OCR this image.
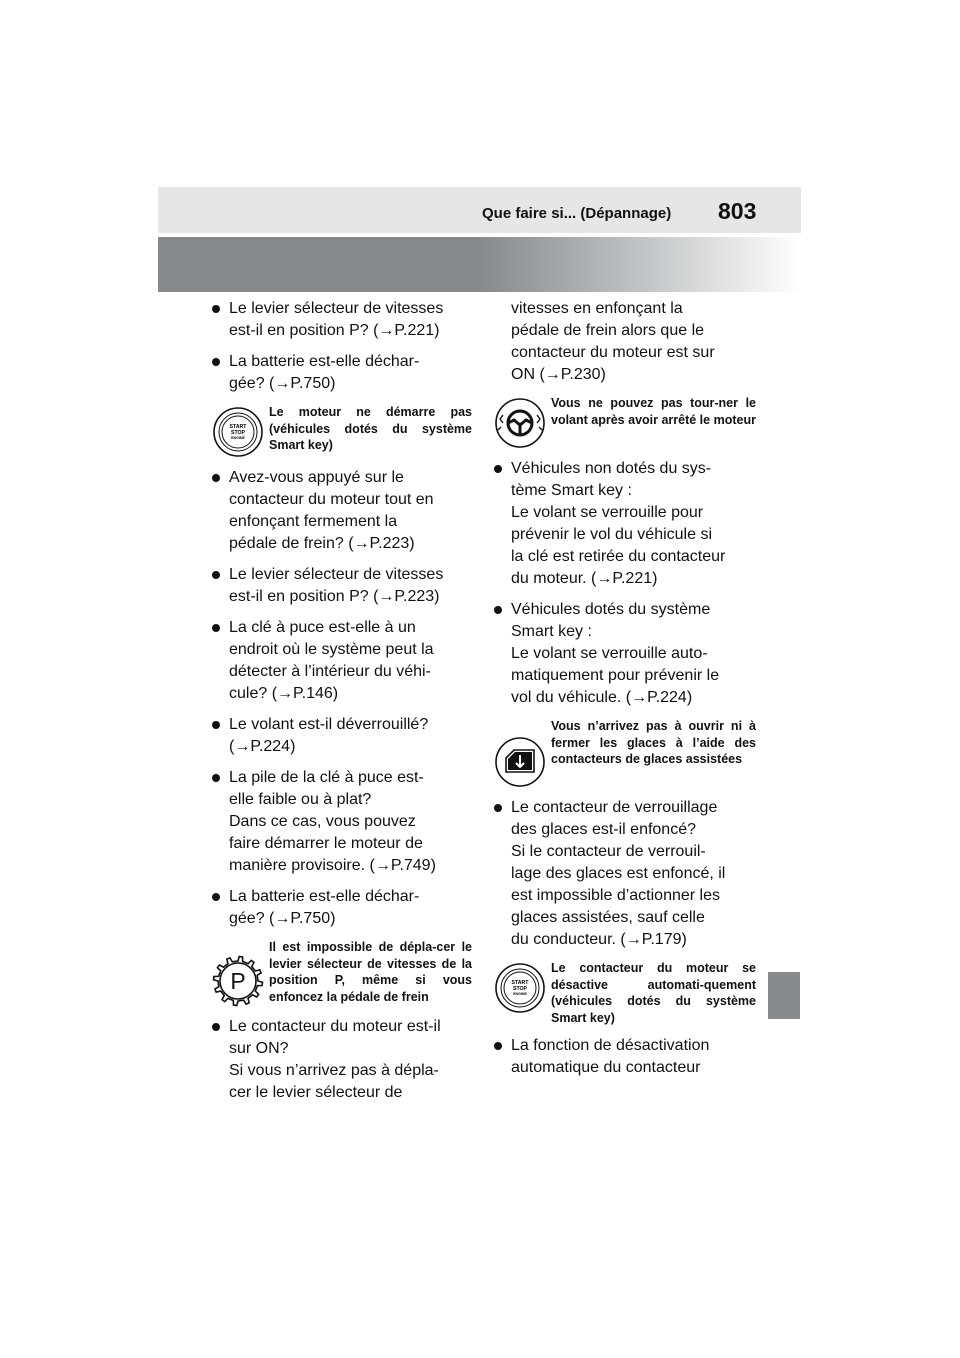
Que faire si... (Dépannage) 803
Le levier sélecteur de vitesses
est-il en position P? (→P.221)
La batterie est-elle déchar-
gée? (→P.750)
START
STOP
ENGINE
Le moteur ne démarre pas (véhicules dotés du système Smart key)
Avez-vous appuyé sur le
contacteur du moteur tout en
enfonçant fermement la
pédale de frein? (→P.223)
Le levier sélecteur de vitesses
est-il en position P? (→P.223)
La clé à puce est-elle à un
endroit où le système peut la
détecter à l’intérieur du véhi-
cule? (→P.146)
Le volant est-il déverrouillé?
(→P.224)
La pile de la clé à puce est-
elle faible ou à plat?
Dans ce cas, vous pouvez
faire démarrer le moteur de
manière provisoire. (→P.749)
La batterie est-elle déchar-
gée? (→P.750)
P
Il est impossible de dépla-cer le levier sélecteur de vitesses de la position P, même si vous enfoncez la pédale de frein
Le contacteur du moteur est-il
sur ON?
Si vous n’arrivez pas à dépla-
cer le levier sélecteur de
vitesses en enfonçant la
pédale de frein alors que le
contacteur du moteur est sur
ON (→P.230)
Vous ne pouvez pas tour-ner le volant après avoir arrêté le moteur
Véhicules non dotés du sys-
tème Smart key :
Le volant se verrouille pour
prévenir le vol du véhicule si
la clé est retirée du contacteur
du moteur. (→P.221)
Véhicules dotés du système
Smart key :
Le volant se verrouille auto-
matiquement pour prévenir le
vol du véhicule. (→P.224)
Vous n’arrivez pas à ouvrir ni à fermer les glaces à l’aide des contacteurs de glaces assistées
Le contacteur de verrouillage
des glaces est-il enfoncé?
Si le contacteur de verrouil-
lage des glaces est enfoncé, il
est impossible d’actionner les
glaces assistées, sauf celle
du conducteur. (→P.179)
START
STOP
ENGINE
Le contacteur du moteur se désactive automati-quement (véhicules dotés du système Smart key)
La fonction de désactivation
automatique du contacteur
